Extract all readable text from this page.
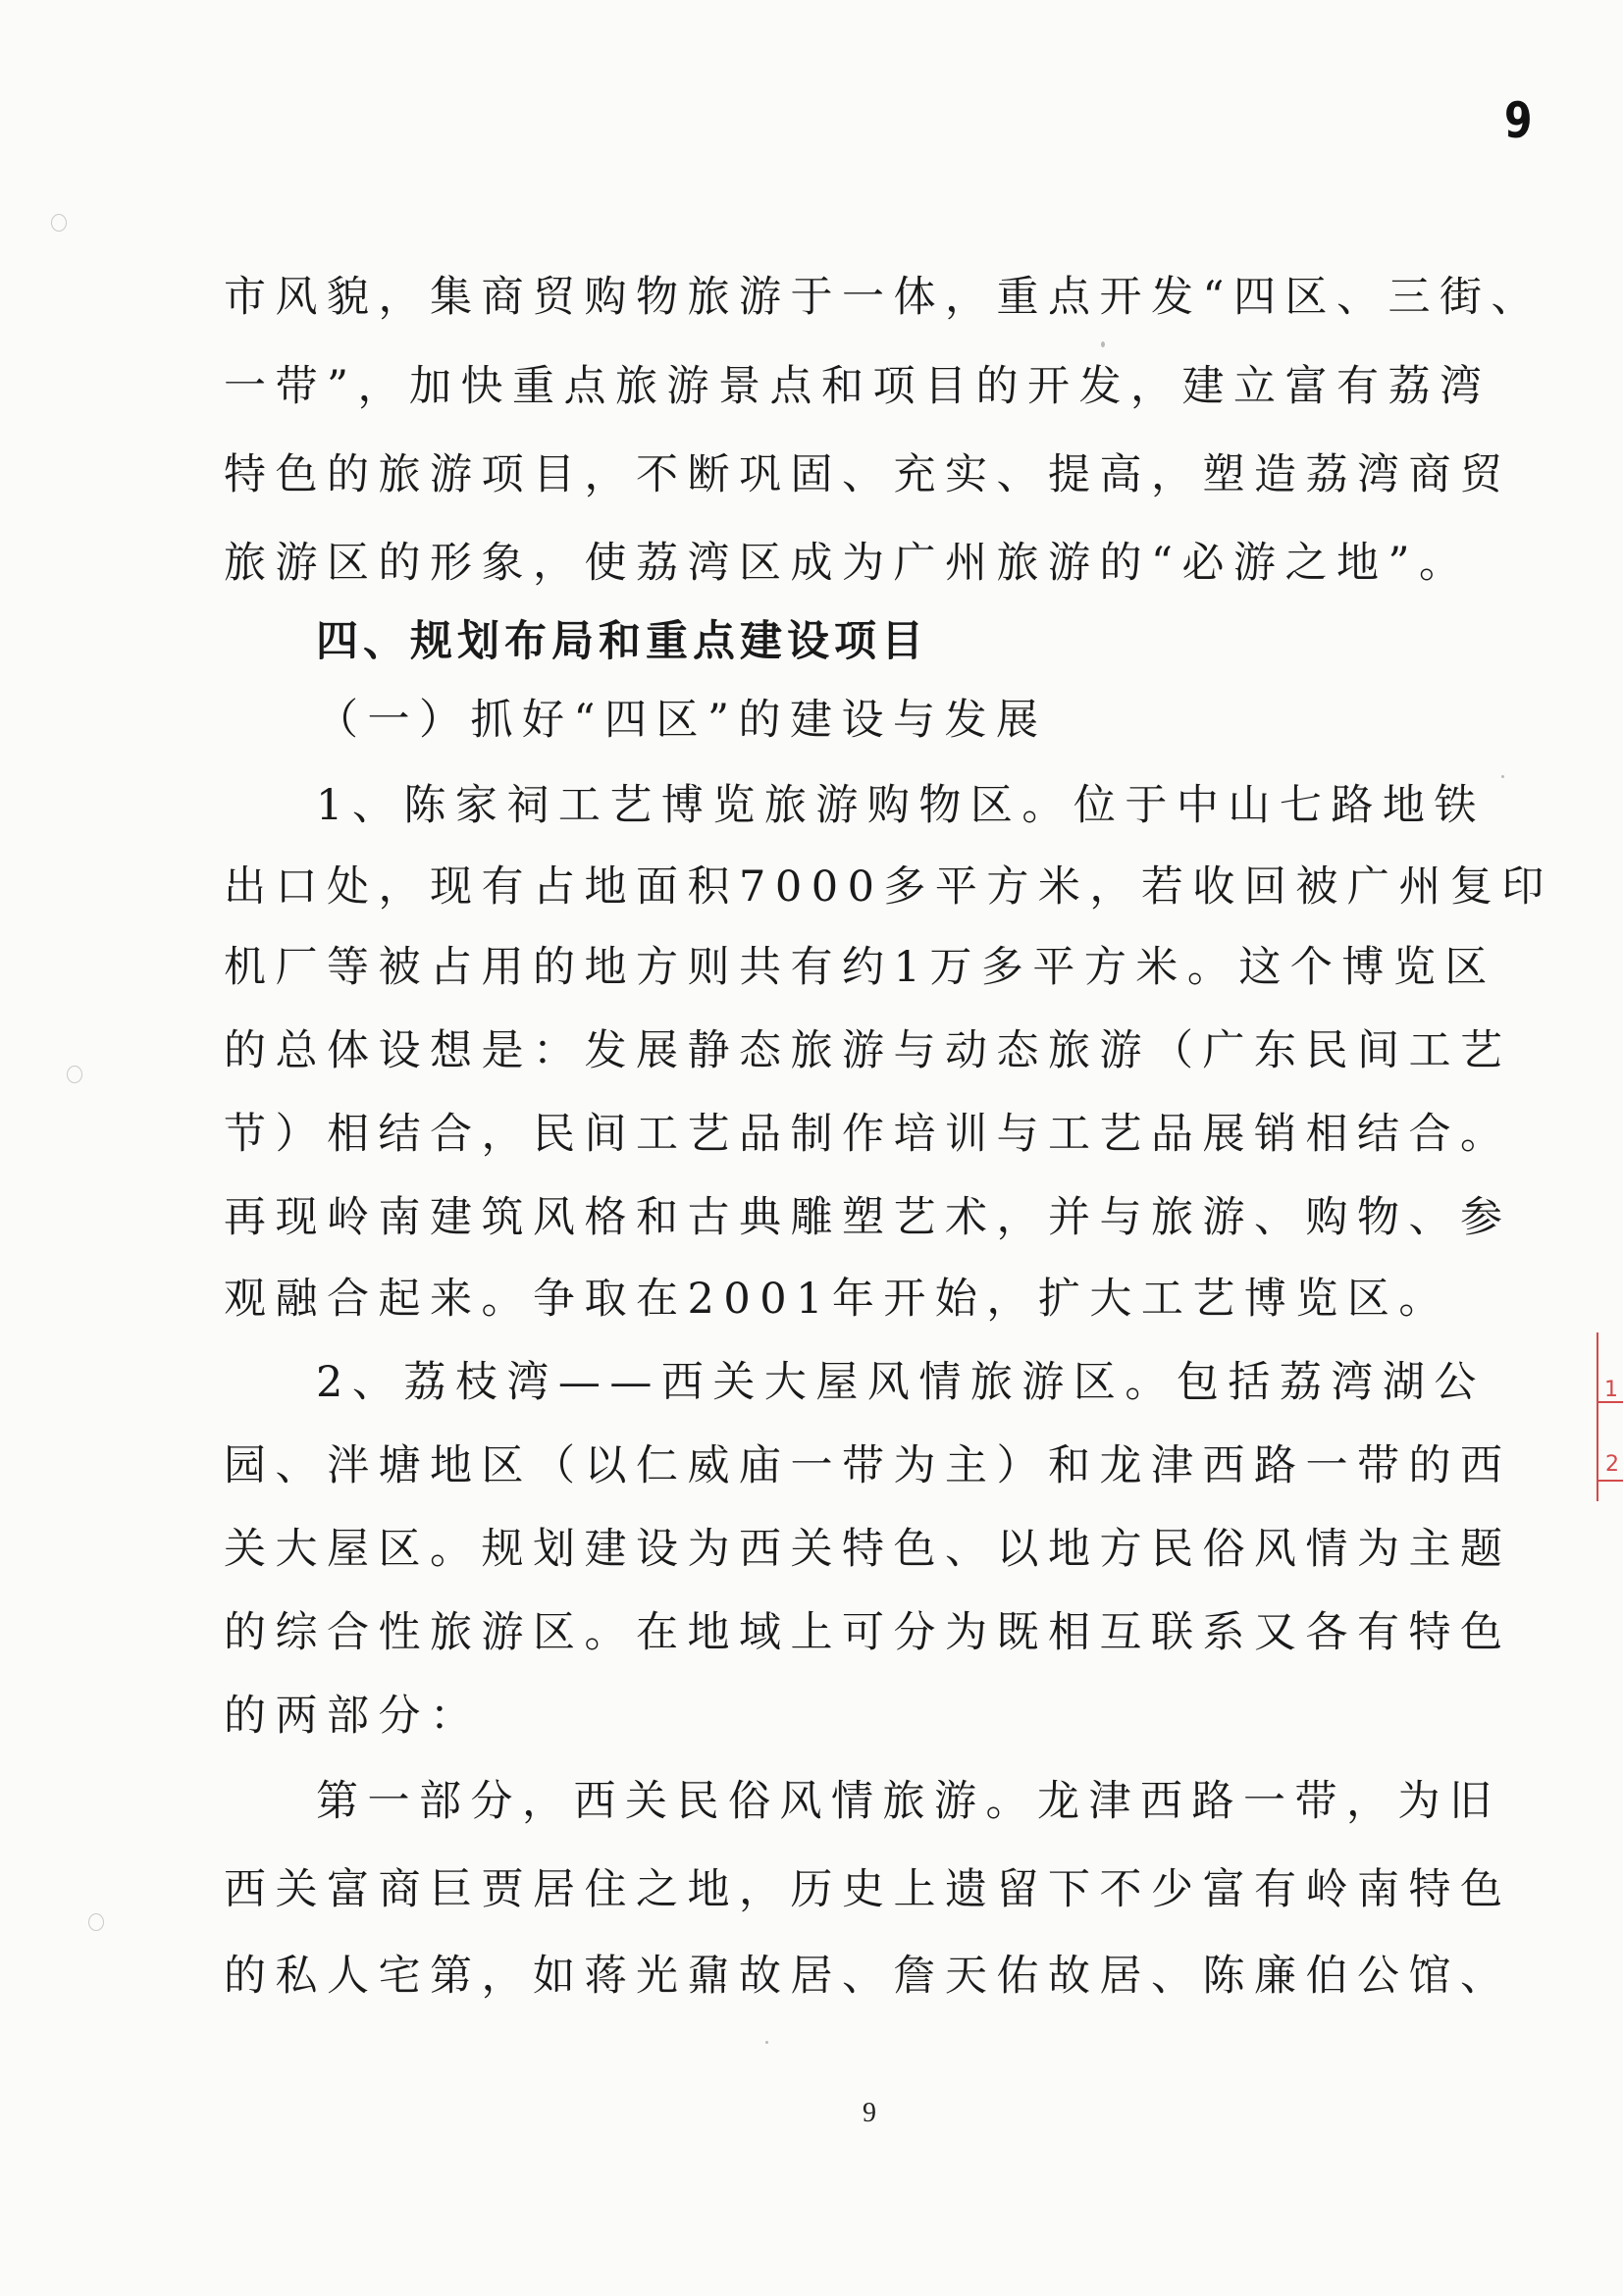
9
市风貌，集商贸购物旅游于一体，重点开发“四区、三街、
一带”，加快重点旅游景点和项目的开发，建立富有荔湾
特色的旅游项目，不断巩固、充实、提高，塑造荔湾商贸
旅游区的形象，使荔湾区成为广州旅游的“必游之地”。
四、规划布局和重点建设项目
（一）抓好“四区”的建设与发展
1、陈家祠工艺博览旅游购物区。位于中山七路地铁
出口处，现有占地面积7000多平方米，若收回被广州复印
机厂等被占用的地方则共有约1万多平方米。这个博览区
的总体设想是：发展静态旅游与动态旅游（广东民间工艺
节）相结合，民间工艺品制作培训与工艺品展销相结合。
再现岭南建筑风格和古典雕塑艺术，并与旅游、购物、参
观融合起来。争取在2001年开始，扩大工艺博览区。
2、荔枝湾——西关大屋风情旅游区。包括荔湾湖公
园、泮塘地区（以仁威庙一带为主）和龙津西路一带的西
关大屋区。规划建设为西关特色、以地方民俗风情为主题
的综合性旅游区。在地域上可分为既相互联系又各有特色
的两部分：
第一部分，西关民俗风情旅游。龙津西路一带，为旧
西关富商巨贾居住之地，历史上遗留下不少富有岭南特色
的私人宅第，如蒋光鼐故居、詹天佑故居、陈廉伯公馆、
9
1
2
